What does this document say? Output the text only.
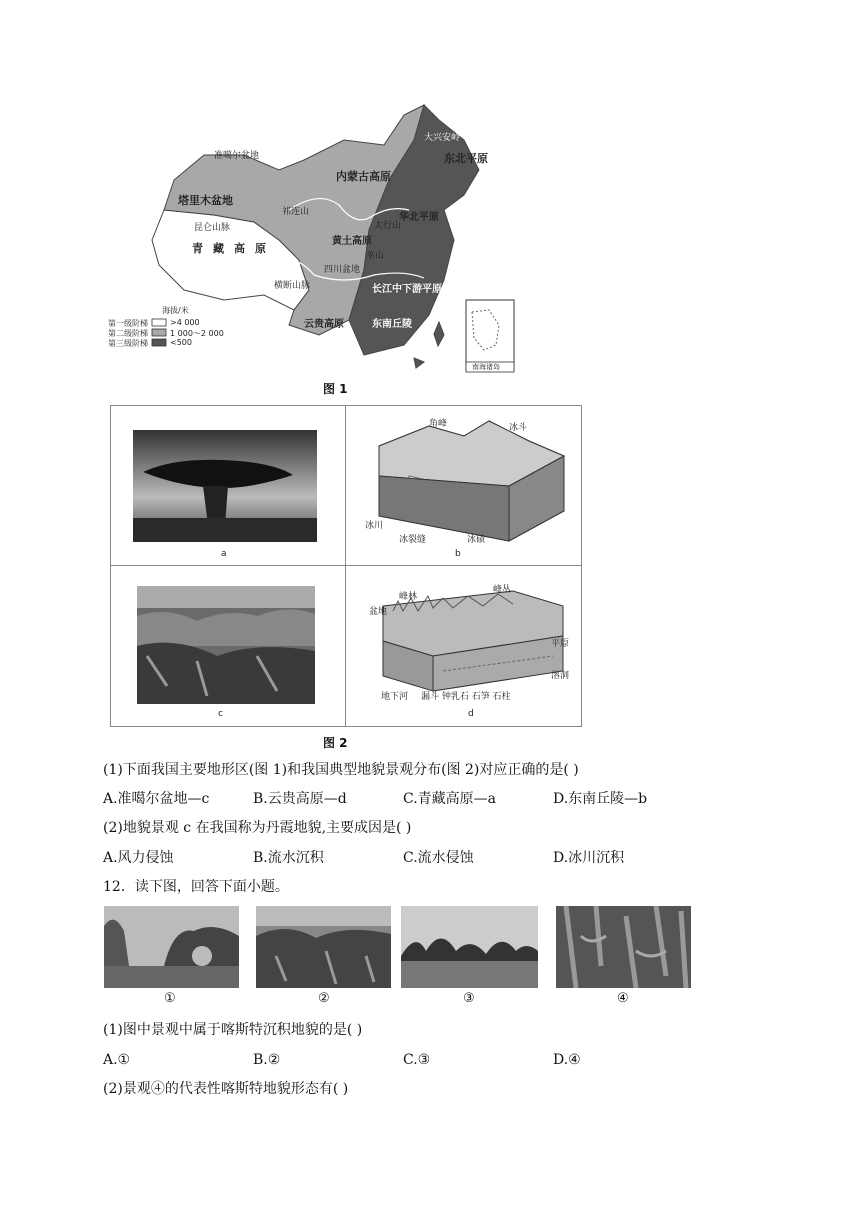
准噶尔盆地
塔里木盆地
祁连山
昆仑山脉
青藏高原
内蒙古高原
黄土高原
大兴安岭
东北平原
华北平原
太行山
横断山脉
四川盆地
巫山
长江中下游平原
云贵高原	东南丘陵
南海诸岛
海拔/米
第一级阶梯	>4 000
第二级阶梯	1 000～2 000
第三级阶梯	<500
图 1
a
角峰	冰斗
冰川
冰裂缝	冰碛
b
c
盆地
峰林
峰丛
平原
溶洞
地下河 漏斗 钟乳石 石笋 石柱
d
图 2
(1)下面我国主要地形区(图 1)和我国典型地貌景观分布(图 2)对应正确的是( )
A.准噶尔盆地—c	B.云贵高原—d	C.青藏高原—a	D.东南丘陵—b
(2)地貌景观 c 在我国称为丹霞地貌,主要成因是( )
A.风力侵蚀	B.流水沉积	C.流水侵蚀	D.冰川沉积
12．读下图，回答下面小题。
①	②	③	④
(1)图中景观中属于喀斯特沉积地貌的是( )
A.①	B.②	C.③	D.④
(2)景观④的代表性喀斯特地貌形态有( )
